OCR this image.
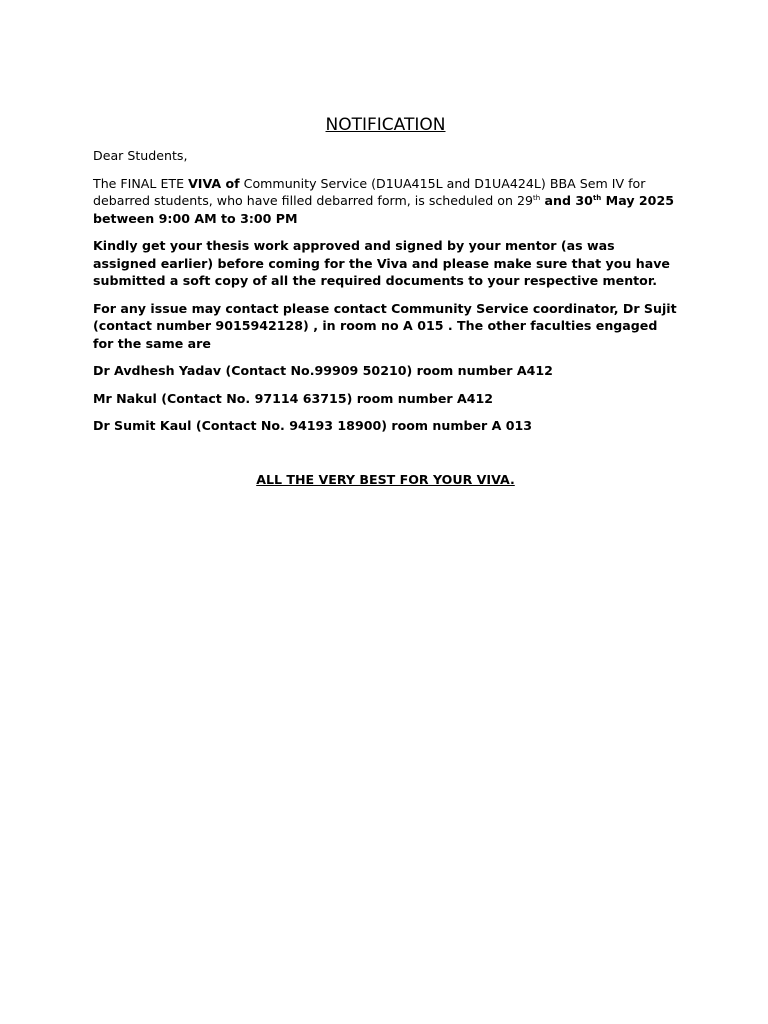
NOTIFICATION

Dear Students,

The FINAL ETE VIVA of Community Service (D1UA415L and D1UA424L) BBA Sem IV for debarred students, who have filled debarred form, is scheduled on 29th and 30th May 2025 between 9:00 AM to 3:00 PM

Kindly get your thesis work approved and signed by your mentor (as was assigned earlier) before coming for the Viva and please make sure that you have submitted a soft copy of all the required documents to your respective mentor.

For any issue may contact please contact Community Service coordinator, Dr Sujit (contact number 9015942128) , in room no A 015 . The other faculties engaged for the same are

Dr Avdhesh Yadav (Contact No.99909 50210) room number A412

Mr Nakul (Contact No. 97114 63715) room number A412

Dr Sumit Kaul (Contact No. 94193 18900) room number A 013

ALL THE VERY BEST FOR YOUR VIVA.
